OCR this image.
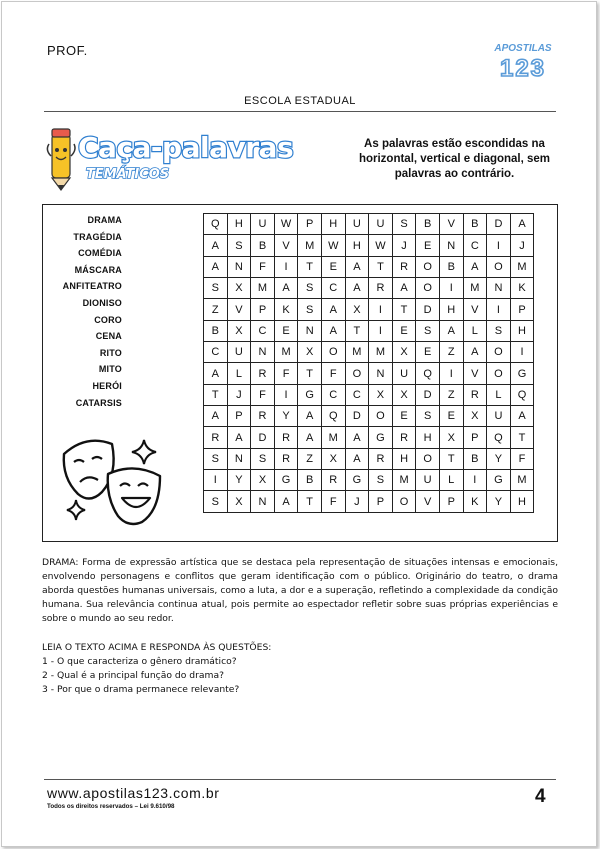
PROF.	APOSTILAS
123
ESCOLA ESTADUAL
Caça-palavras
TEMÁTICOS
As palavras estão escondidas na horizontal, vertical e diagonal, sem palavras ao contrário.
DRAMA
TRAGÉDIA
COMÉDIA
MÁSCARA
ANFITEATRO
DIONISO
CORO
CENA
RITO
MITO
HERÓI
CATARSIS
Q	H	U	W	P	H	U	U	S	B	V	B	D	A
A	S	B	V	M	W	H	W	J	E	N	C	I	J
A	N	F	I	T	E	A	T	R	O	B	A	O	M
S	X	M	A	S	C	A	R	A	O	I	M	N	K
Z	V	P	K	S	A	X	I	T	D	H	V	I	P
B	X	C	E	N	A	T	I	E	S	A	L	S	H
C	U	N	M	X	O	M	M	X	E	Z	A	O	I
A	L	R	F	T	F	O	N	U	Q	I	V	O	G
T	J	F	I	G	C	C	X	X	D	Z	R	L	Q
A	P	R	Y	A	Q	D	O	E	S	E	X	U	A
R	A	D	R	A	M	A	G	R	H	X	P	Q	T
S	N	S	R	Z	X	A	R	H	O	T	B	Y	F
I	Y	X	G	B	R	G	S	M	U	L	I	G	M
S	X	N	A	T	F	J	P	O	V	P	K	Y	H
DRAMA: Forma de expressão artística que se destaca pela representação de situações intensas e emocionais, envolvendo personagens e conflitos que geram identificação com o público. Originário do teatro, o drama aborda questões humanas universais, como a luta, a dor e a superação, refletindo a complexidade da condição humana. Sua relevância continua atual, pois permite ao espectador refletir sobre suas próprias experiências e sobre o mundo ao seu redor.
LEIA O TEXTO ACIMA E RESPONDA ÀS QUESTÕES:
1 - O que caracteriza o gênero dramático?
2 - Qual é a principal função do drama?
3 - Por que o drama permanece relevante?
www.apostilas123.com.br
Todos os direitos reservados – Lei 9.610/98	4
